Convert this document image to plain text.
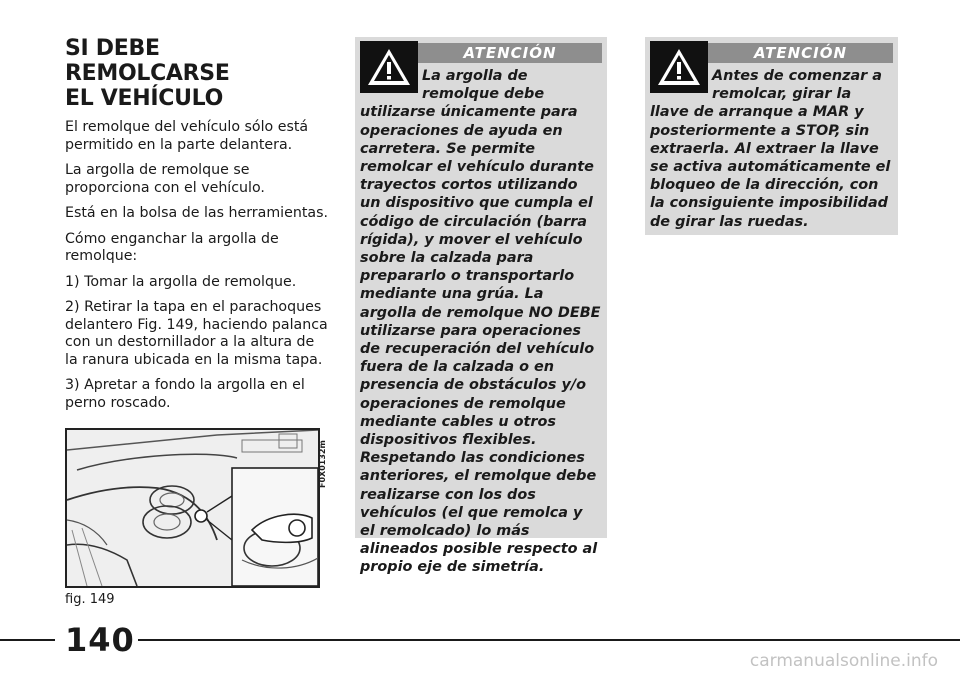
SI DEBE REMOLCARSE
EL VEHÍCULO

El remolque del vehículo sólo está permitido en la parte delantera.

La argolla de remolque se proporciona con el vehículo.

Está en la bolsa de las herramientas.

Cómo enganchar la argolla de remolque:

1) Tomar la argolla de remolque.

2) Retirar la tapa en el parachoques delantero Fig. 149, haciendo palanca con un destornillador a la altura de la ranura ubicada en la misma tapa.

3) Apretar a fondo la argolla en el perno roscado.

F0X0132m
fig. 149
ATENCIÓN
La argolla de remolque debe utilizarse únicamente para operaciones de ayuda en carretera. Se permite remolcar el vehículo durante trayectos cortos utilizando un dispositivo que cumpla el código de circulación (barra rígida), y mover el vehículo sobre la calzada para prepararlo o transportarlo mediante una grúa. La argolla de remolque NO DEBE utilizarse para operaciones de recuperación del vehículo fuera de la calzada o en presencia de obstáculos y/o operaciones de remolque mediante cables u otros dispositivos flexibles. Respetando las condiciones anteriores, el remolque debe realizarse con los dos vehículos (el que remolca y el remolcado) lo más alineados posible respecto al propio eje de simetría.
ATENCIÓN
Antes de comenzar a remolcar, girar la llave de arranque a MAR y posteriormente a STOP, sin extraerla. Al extraer la llave se activa automáticamente el bloqueo de la dirección, con la consiguiente imposibilidad de girar las ruedas.
140
carmanualsonline.info
